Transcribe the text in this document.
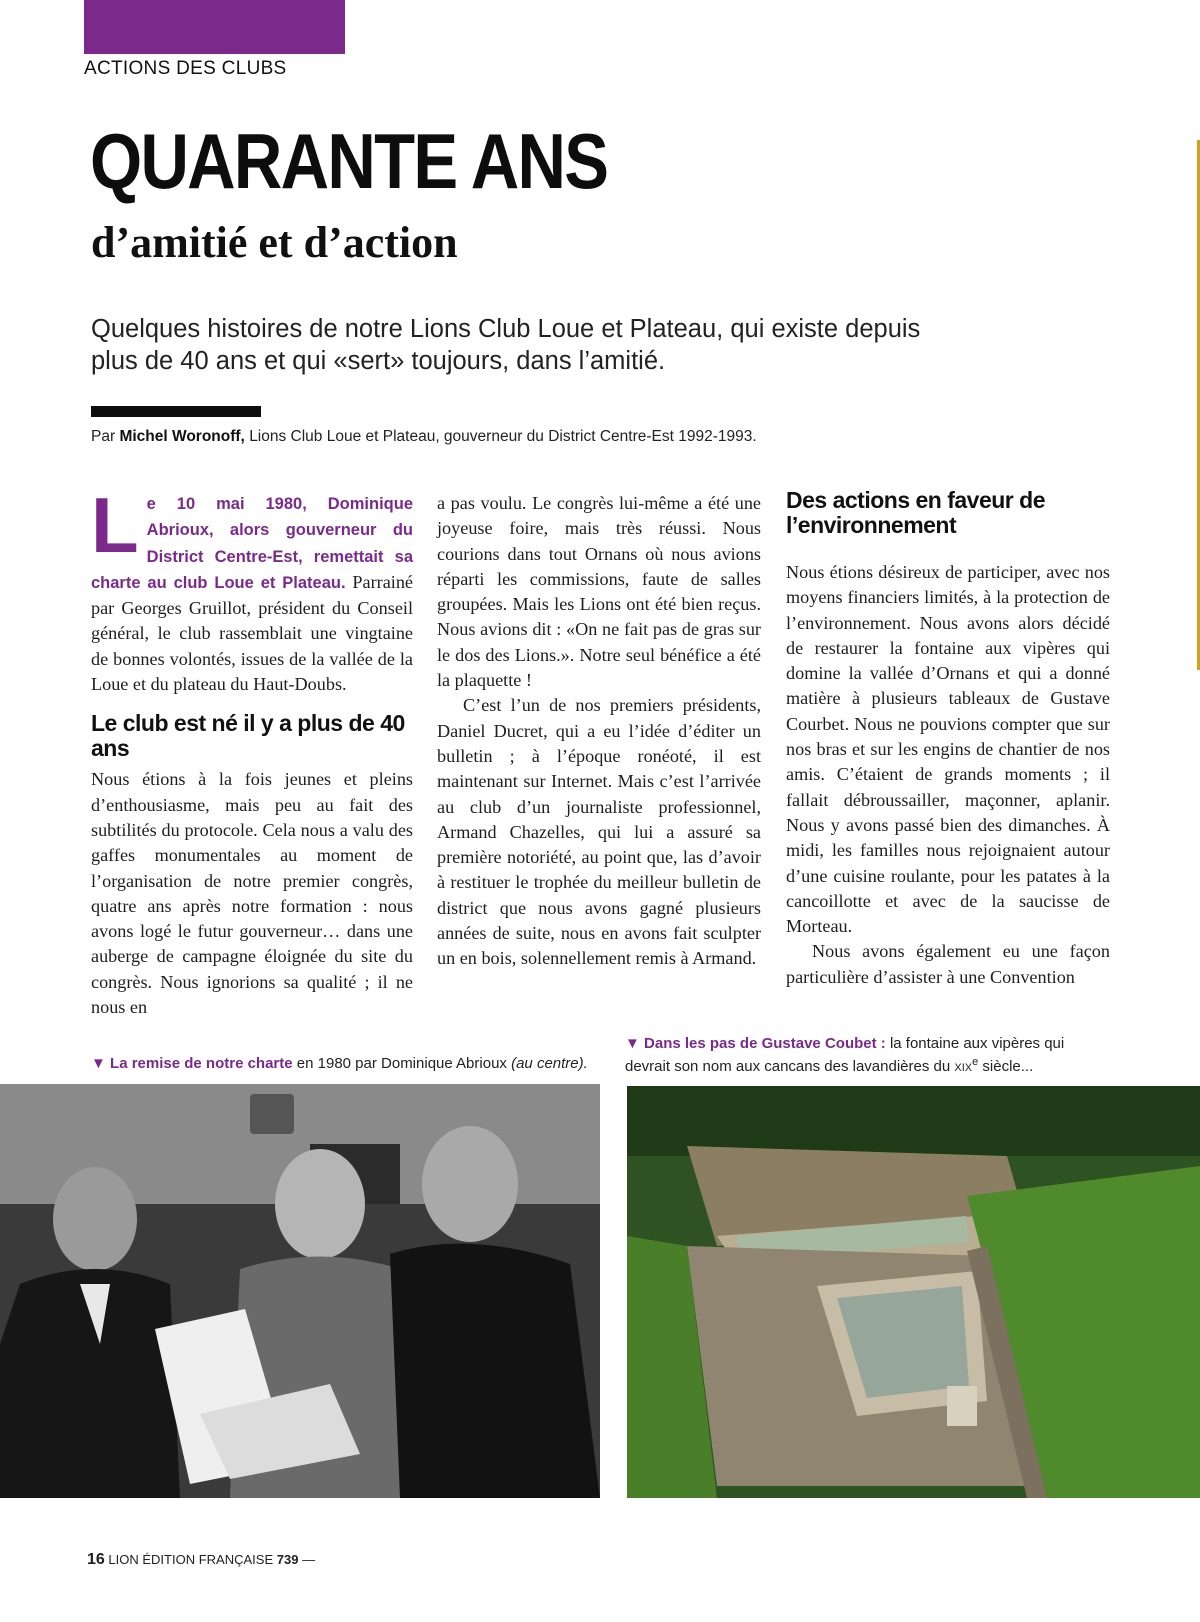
ACTIONS DES CLUBS
QUARANTE ANS
d’amitié et d’action

Quelques histoires de notre Lions Club Loue et Plateau, qui existe depuis plus de 40 ans et qui «sert» toujours, dans l’amitié.

Par Michel Woronoff, Lions Club Loue et Plateau, gouverneur du District Centre-Est 1992-1993.

Le 10 mai 1980, Dominique Abrioux, alors gouverneur du District Centre-Est, remettait sa charte au club Loue et Plateau. Parrainé par Georges Gruillot, président du Conseil général, le club rassemblait une vingtaine de bonnes volontés, issues de la vallée de la Loue et du plateau du Haut-Doubs.

Le club est né il y a plus de 40 ans

Nous étions à la fois jeunes et pleins d’enthousiasme, mais peu au fait des subtilités du protocole. Cela nous a valu des gaffes monumentales au moment de l’organisation de notre premier congrès, quatre ans après notre formation : nous avons logé le futur gouverneur… dans une auberge de campagne éloignée du site du congrès. Nous ignorions sa qualité ; il ne nous en

a pas voulu. Le congrès lui-même a été une joyeuse foire, mais très réussi. Nous courions dans tout Ornans où nous avions réparti les commissions, faute de salles groupées. Mais les Lions ont été bien reçus. Nous avions dit : «On ne fait pas de gras sur le dos des Lions.». Notre seul bénéfice a été la plaquette !

C’est l’un de nos premiers présidents, Daniel Ducret, qui a eu l’idée d’éditer un bulletin ; à l’époque ronéoté, il est maintenant sur Internet. Mais c’est l’arrivée au club d’un journaliste professionnel, Armand Chazelles, qui lui a assuré sa première notoriété, au point que, las d’avoir à restituer le trophée du meilleur bulletin de district que nous avons gagné plusieurs années de suite, nous en avons fait sculpter un en bois, solennellement remis à Armand.

Des actions en faveur de l’environnement

Nous étions désireux de participer, avec nos moyens financiers limités, à la protection de l’environnement. Nous avons alors décidé de restaurer la fontaine aux vipères qui domine la vallée d’Ornans et qui a donné matière à plusieurs tableaux de Gustave Courbet. Nous ne pouvions compter que sur nos bras et sur les engins de chantier de nos amis. C’étaient de grands moments ; il fallait débroussailler, maçonner, aplanir. Nous y avons passé bien des dimanches. À midi, les familles nous rejoignaient autour d’une cuisine roulante, pour les patates à la cancoillotte et avec de la saucisse de Morteau.

Nous avons également eu une façon particulière d’assister à une Convention

▼ La remise de notre charte en 1980 par Dominique Abrioux (au centre).
▼ Dans les pas de Gustave Coubet : la fontaine aux vipères qui devrait son nom aux cancans des lavandières du XIXe siècle...
16 LION ÉDITION FRANÇAISE 739 —
